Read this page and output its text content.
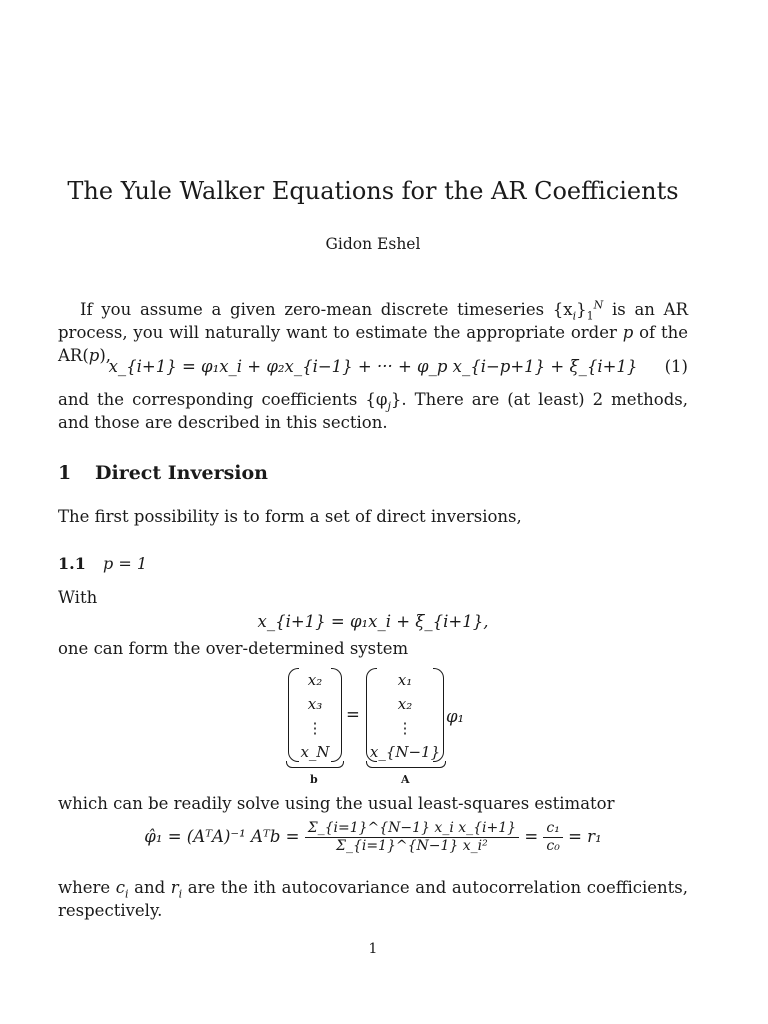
The Yule Walker Equations for the AR Coefficients
Gidon Eshel
If you assume a given zero-mean discrete timeseries $\{x_i\}_1^N$ is an AR process, you will naturally want to estimate the appropriate order p of the AR(p),
x_{i+1} = φ₁x_i + φ₂x_{i−1} + ··· + φ_p x_{i−p+1} + ξ_{i+1} (1)
and the corresponding coefficients $\{\varphi_j\}$. There are (at least) 2 methods, and those are described in this section.
1 Direct Inversion
The first possibility is to form a set of direct inversions,
1.1 p = 1
With
x_{i+1} = φ₁x_i + ξ_{i+1},
one can form the over-determined system
x₂
x₃
⋮
x_N
=
x₁
x₂
⋮
x_{N−1}
φ₁
b	A
which can be readily solve using the usual least-squares estimator
φ̂₁ = (AᵀA)⁻¹ Aᵀb = $\frac{\text{Σ\_\{i=1\}\textasciicircum{}\{N−1\} x\_i x\_\{i+1\}}}{\text{Σ\_\{i=1\}\textasciicircum{}\{N−1\} x\_i²}} = \frac{\text{c₁}}{\text{c₀}} = r_1$
where $c_i$ and $r_i$ are the ith autocovariance and autocorrelation coefficients, respectively.
1
